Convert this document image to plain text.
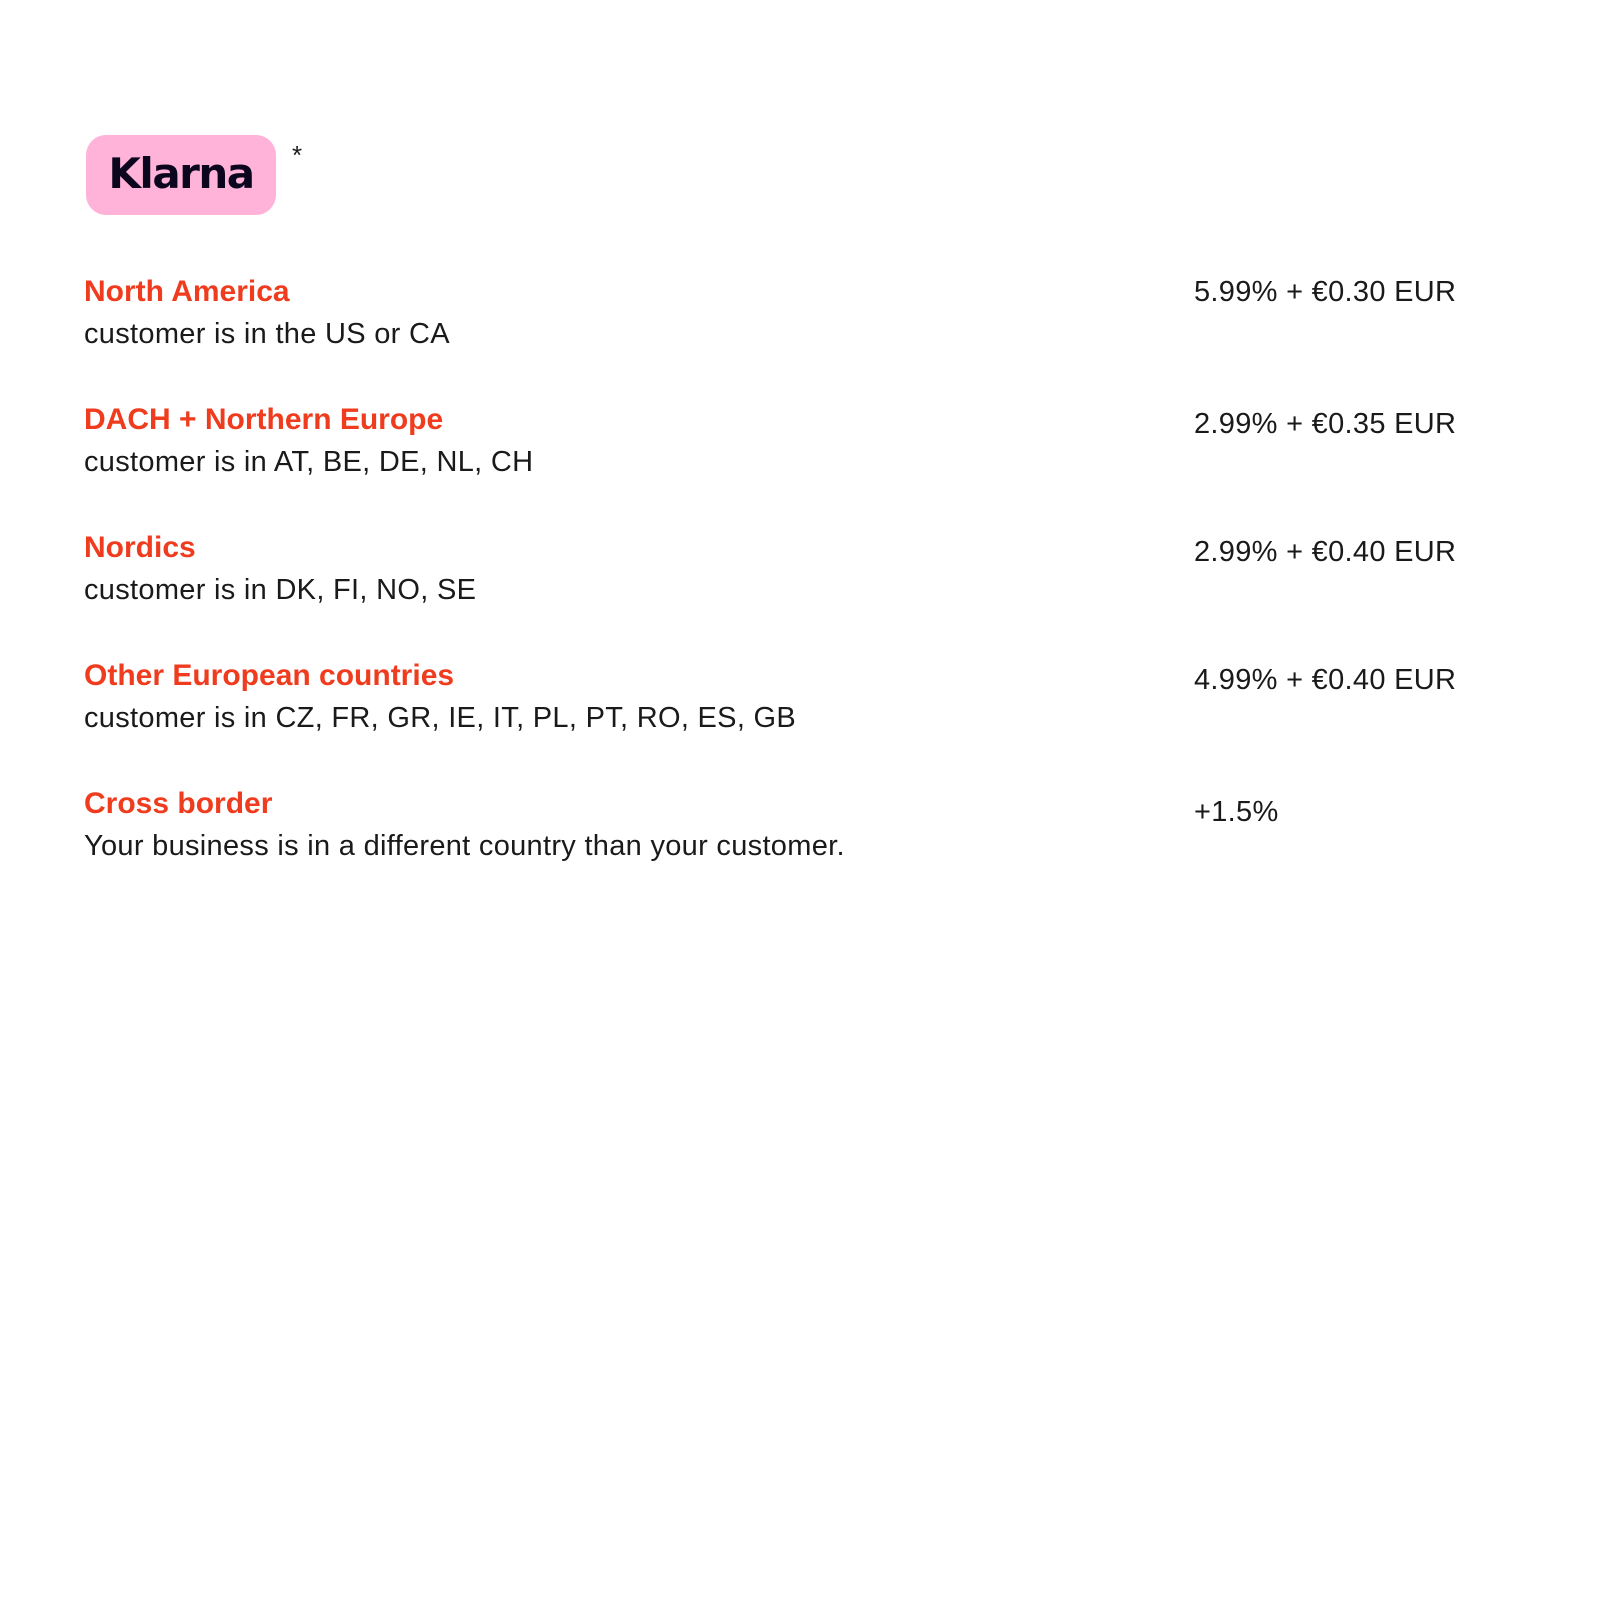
Klarna *

North America

customer is in the US or CA

5.99% + €0.30 EUR

DACH + Northern Europe

customer is in AT, BE, DE, NL, CH

2.99% + €0.35 EUR

Nordics

customer is in DK, FI, NO, SE

2.99% + €0.40 EUR

Other European countries

customer is in CZ, FR, GR, IE, IT, PL, PT, RO, ES, GB

4.99% + €0.40 EUR

Cross border

Your business is in a different country than your customer.

+1.5%
